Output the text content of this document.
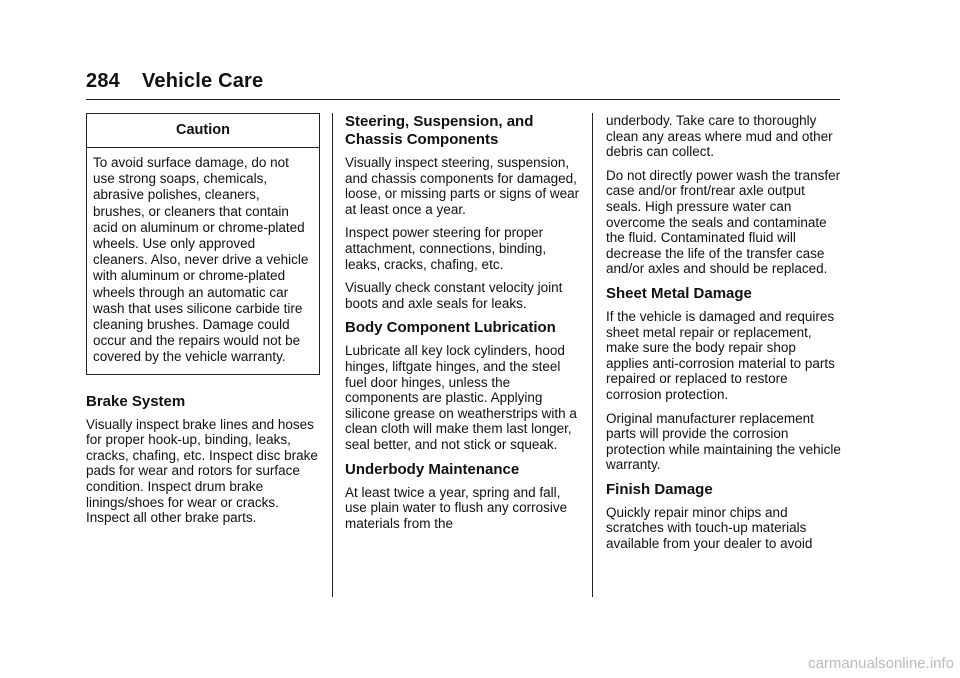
284 Vehicle Care
Caution

To avoid surface damage, do not use strong soaps, chemicals, abrasive polishes, cleaners, brushes, or cleaners that contain acid on aluminum or chrome-plated wheels. Use only approved cleaners. Also, never drive a vehicle with aluminum or chrome-plated wheels through an automatic car wash that uses silicone carbide tire cleaning brushes. Damage could occur and the repairs would not be covered by the vehicle warranty.

Brake System

Visually inspect brake lines and hoses for proper hook-up, binding, leaks, cracks, chafing, etc. Inspect disc brake pads for wear and rotors for surface condition. Inspect drum brake linings/shoes for wear or cracks. Inspect all other brake parts.

Steering, Suspension, and Chassis Components

Visually inspect steering, suspension, and chassis components for damaged, loose, or missing parts or signs of wear at least once a year.

Inspect power steering for proper attachment, connections, binding, leaks, cracks, chafing, etc.

Visually check constant velocity joint boots and axle seals for leaks.

Body Component Lubrication

Lubricate all key lock cylinders, hood hinges, liftgate hinges, and the steel fuel door hinges, unless the components are plastic. Applying silicone grease on weatherstrips with a clean cloth will make them last longer, seal better, and not stick or squeak.

Underbody Maintenance

At least twice a year, spring and fall, use plain water to flush any corrosive materials from the

underbody. Take care to thoroughly clean any areas where mud and other debris can collect.

Do not directly power wash the transfer case and/or front/rear axle output seals. High pressure water can overcome the seals and contaminate the fluid. Contaminated fluid will decrease the life of the transfer case and/or axles and should be replaced.

Sheet Metal Damage

If the vehicle is damaged and requires sheet metal repair or replacement, make sure the body repair shop applies anti-corrosion material to parts repaired or replaced to restore corrosion protection.

Original manufacturer replacement parts will provide the corrosion protection while maintaining the vehicle warranty.

Finish Damage

Quickly repair minor chips and scratches with touch-up materials available from your dealer to avoid

carmanualsonline.info
